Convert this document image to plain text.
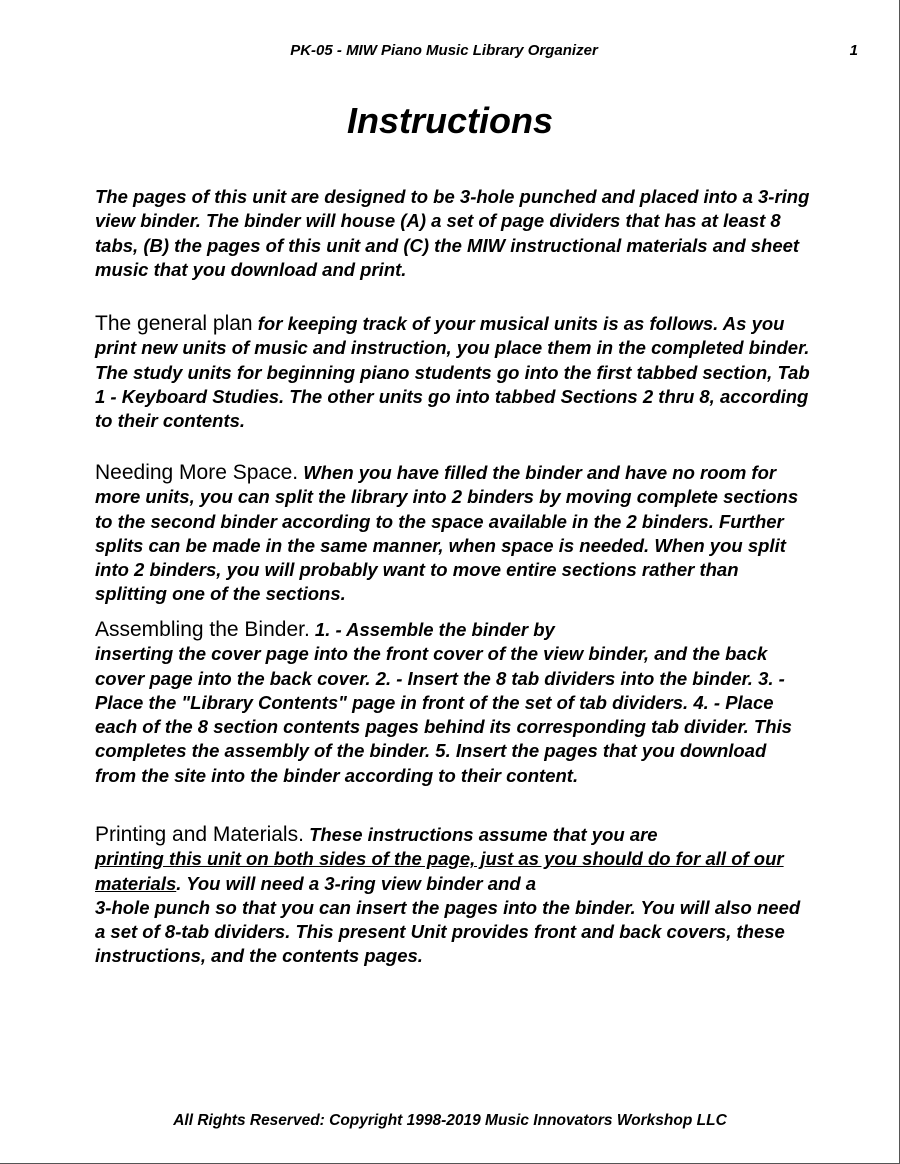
PK-05 - MIW Piano Music Library Organizer	1
Instructions

The pages of this unit are designed to be 3-hole punched and placed into a 3-ring view binder. The binder will house (A) a set of page dividers that has at least 8 tabs, (B) the pages of this unit and (C) the MIW instructional materials and sheet music that you download and print.

The general plan for keeping track of your musical units is as follows. As you print new units of music and instruction, you place them in the completed binder. The study units for beginning piano students go into the first tabbed section, Tab 1 - Keyboard Studies. The other units go into tabbed Sections 2 thru 8, according to their contents.

Needing More Space. When you have filled the binder and have no room for more units, you can split the library into 2 binders by moving complete sections to the second binder according to the space available in the 2 binders. Further splits can be made in the same manner, when space is needed. When you split into 2 binders, you will probably want to move entire sections rather than splitting one of the sections.

Assembling the Binder. 1. - Assemble the binder by
inserting the cover page into the front cover of the view binder, and the back cover page into the back cover. 2. - Insert the 8 tab dividers into the binder. 3. - Place the "Library Contents" page in front of the set of tab dividers. 4. - Place each of the 8 section contents pages behind its corresponding tab divider. This completes the assembly of the binder. 5. Insert the pages that you download from the site into the binder according to their content.

Printing and Materials. These instructions assume that you are
printing this unit on both sides of the page, just as you should do for all of our materials. You will need a 3-ring view binder and a
3-hole punch so that you can insert the pages into the binder. You will also need a set of 8-tab dividers. This present Unit provides front and back covers, these instructions, and the contents pages.

All Rights Reserved: Copyright 1998-2019 Music Innovators Workshop LLC
